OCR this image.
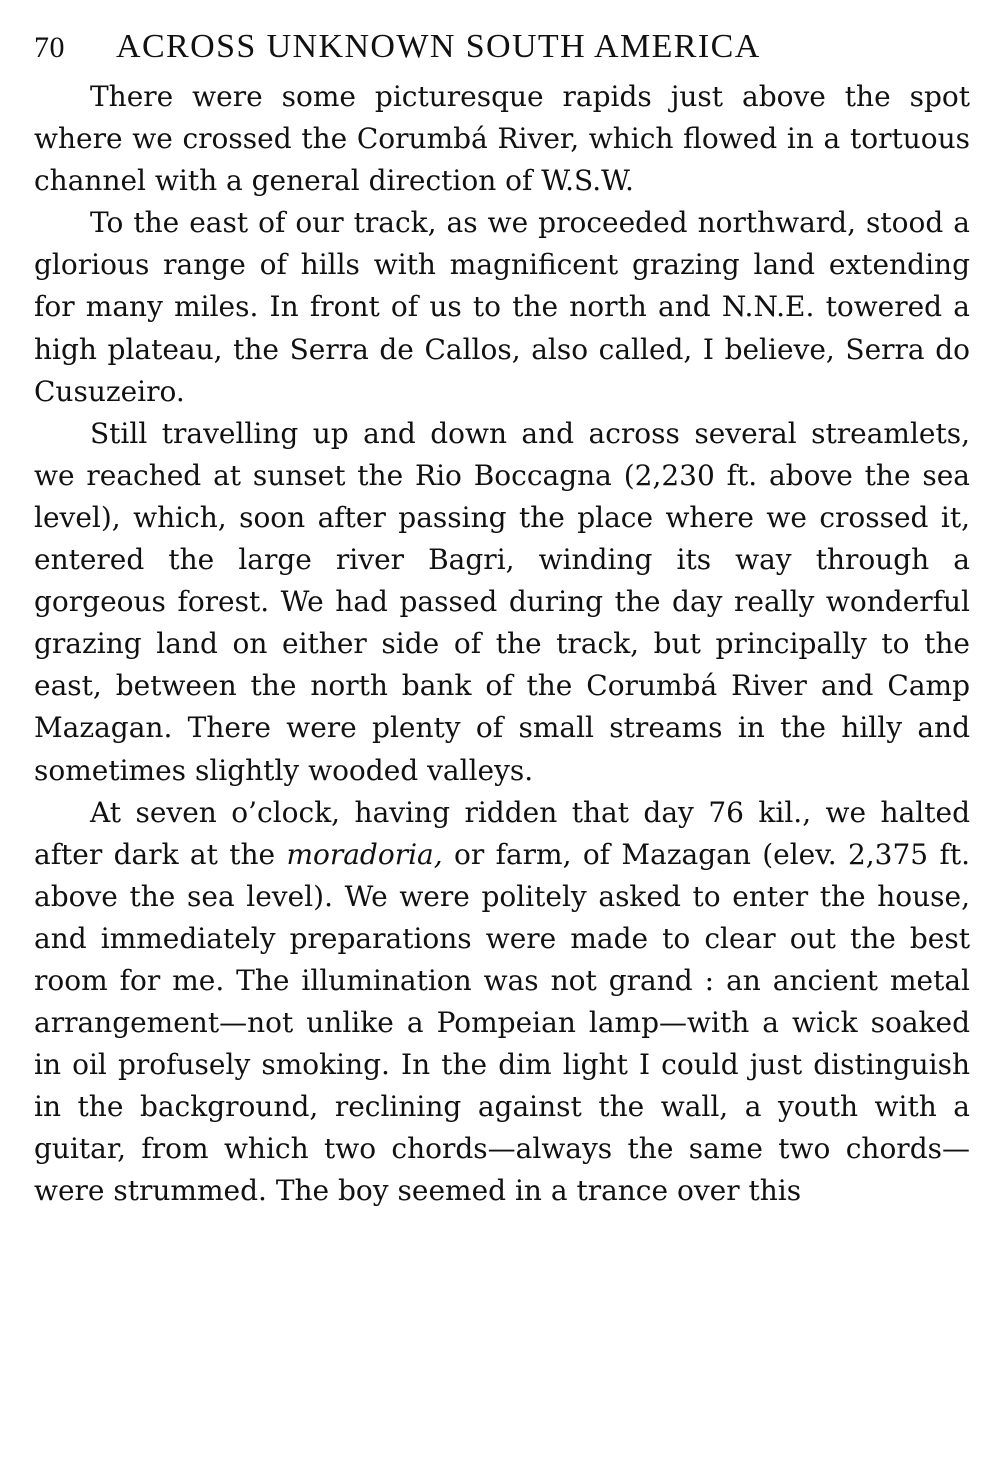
70	ACROSS UNKNOWN SOUTH AMERICA

There were some picturesque rapids just above the spot where we crossed the Corumbá River, which flowed in a tortuous channel with a general direction of W.S.W.

To the east of our track, as we proceeded northward, stood a glorious range of hills with magnificent grazing land extending for many miles. In front of us to the north and N.N.E. towered a high plateau, the Serra de Callos, also called, I believe, Serra do Cusuzeiro.

Still travelling up and down and across several streamlets, we reached at sunset the Rio Boccagna (2,230 ft. above the sea level), which, soon after passing the place where we crossed it, entered the large river Bagri, winding its way through a gorgeous forest. We had passed during the day really wonderful grazing land on either side of the track, but principally to the east, between the north bank of the Corumbá River and Camp Mazagan. There were plenty of small streams in the hilly and sometimes slightly wooded valleys.

At seven o’clock, having ridden that day 76 kil., we halted after dark at the moradoria, or farm, of Mazagan (elev. 2,375 ft. above the sea level). We were politely asked to enter the house, and immediately preparations were made to clear out the best room for me. The illumination was not grand : an ancient metal arrangement—not unlike a Pompeian lamp—with a wick soaked in oil profusely smoking. In the dim light I could just distinguish in the background, reclining against the wall, a youth with a guitar, from which two chords—always the same two chords—were strummed. The boy seemed in a trance over this
